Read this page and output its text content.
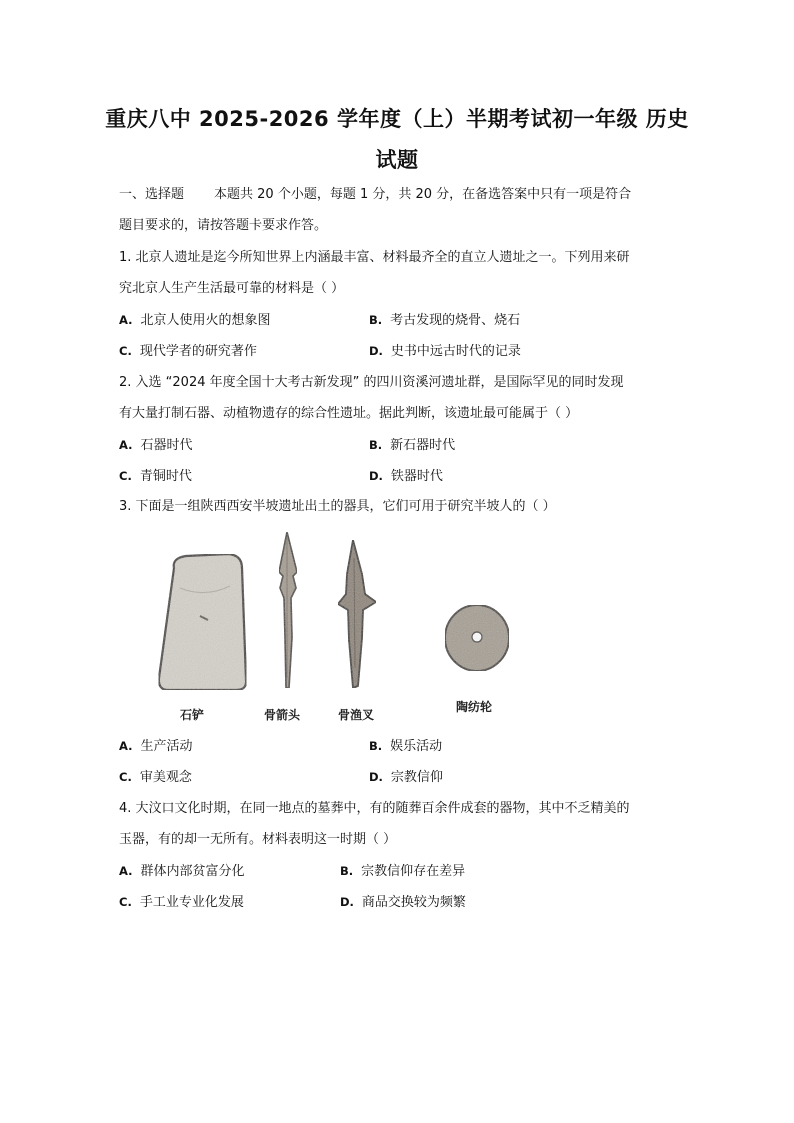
重庆八中 2025-2026 学年度（上）半期考试初一年级 历史
试题
一、选择题 本题共 20 个小题，每题 1 分，共 20 分，在备选答案中只有一项是符合
题目要求的，请按答题卡要求作答。
1. 北京人遗址是迄今所知世界上内涵最丰富、材料最齐全的直立人遗址之一。下列用来研
究北京人生产生活最可靠的材料是（ ）
A. 北京人使用火的想象图	B. 考古发现的烧骨、烧石
C. 现代学者的研究著作	D. 史书中远古时代的记录
2. 入选 “2024 年度全国十大考古新发现” 的四川资溪河遗址群，是国际罕见的同时发现
有大量打制石器、动植物遗存的综合性遗址。据此判断，该遗址最可能属于（ ）
A. 石器时代	B. 新石器时代
C. 青铜时代	D. 铁器时代
3. 下面是一组陕西西安半坡遗址出土的器具，它们可用于研究半坡人的（ ）
石铲	骨箭头	骨渔叉
陶纺轮
A. 生产活动	B. 娱乐活动
C. 审美观念	D. 宗教信仰
4. 大汶口文化时期，在同一地点的墓葬中，有的随葬百余件成套的器物，其中不乏精美的
玉器，有的却一无所有。材料表明这一时期（ ）
A. 群体内部贫富分化	B. 宗教信仰存在差异
C. 手工业专业化发展	D. 商品交换较为频繁
